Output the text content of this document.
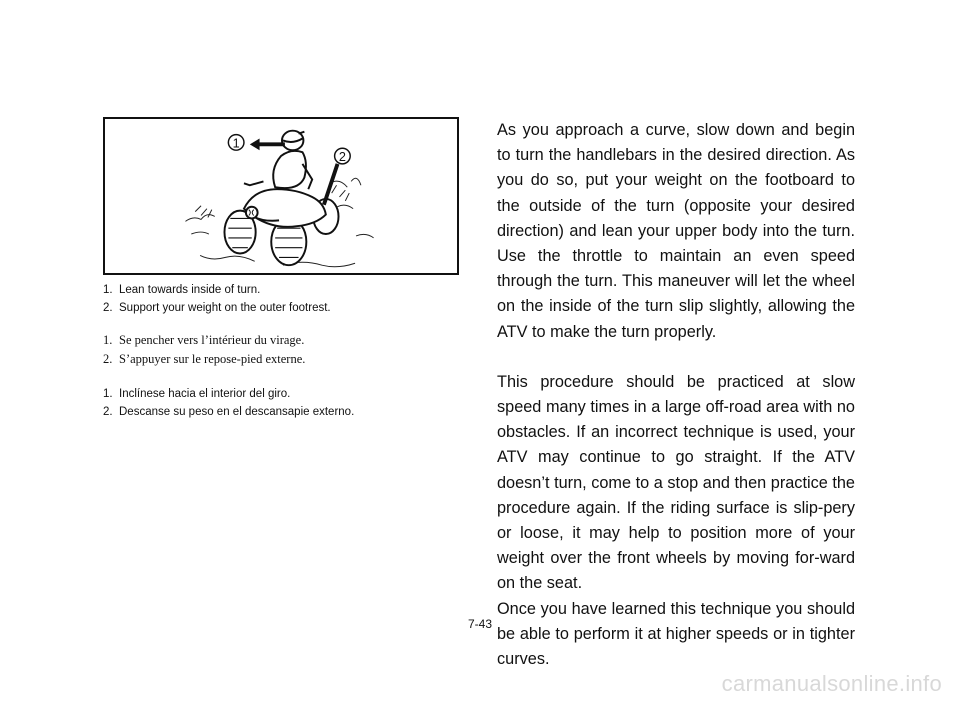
1
2
1. Lean towards inside of turn.
2. Support your weight on the outer footrest.
1. Se pencher vers l’intérieur du virage.
2. S’appuyer sur le repose-pied externe.
1. Inclínese hacia el interior del giro.
2. Descanse su peso en el descansapie externo.

As you approach a curve, slow down and begin to turn the handlebars in the desired direction. As you do so, put your weight on the footboard to the outside of the turn (opposite your desired direction) and lean your upper body into the turn. Use the throttle to maintain an even speed through the turn. This maneuver will let the wheel on the inside of the turn slip slightly, allowing the ATV to make the turn properly.

This procedure should be practiced at slow speed many times in a large off-road area with no obstacles. If an incorrect technique is used, your ATV may continue to go straight. If the ATV doesn’t turn, come to a stop and then practice the procedure again. If the riding surface is slip-pery or loose, it may help to position more of your weight over the front wheels by moving for-ward on the seat.

Once you have learned this technique you should be able to perform it at higher speeds or in tighter curves.

7-43
carmanualsonline.info
